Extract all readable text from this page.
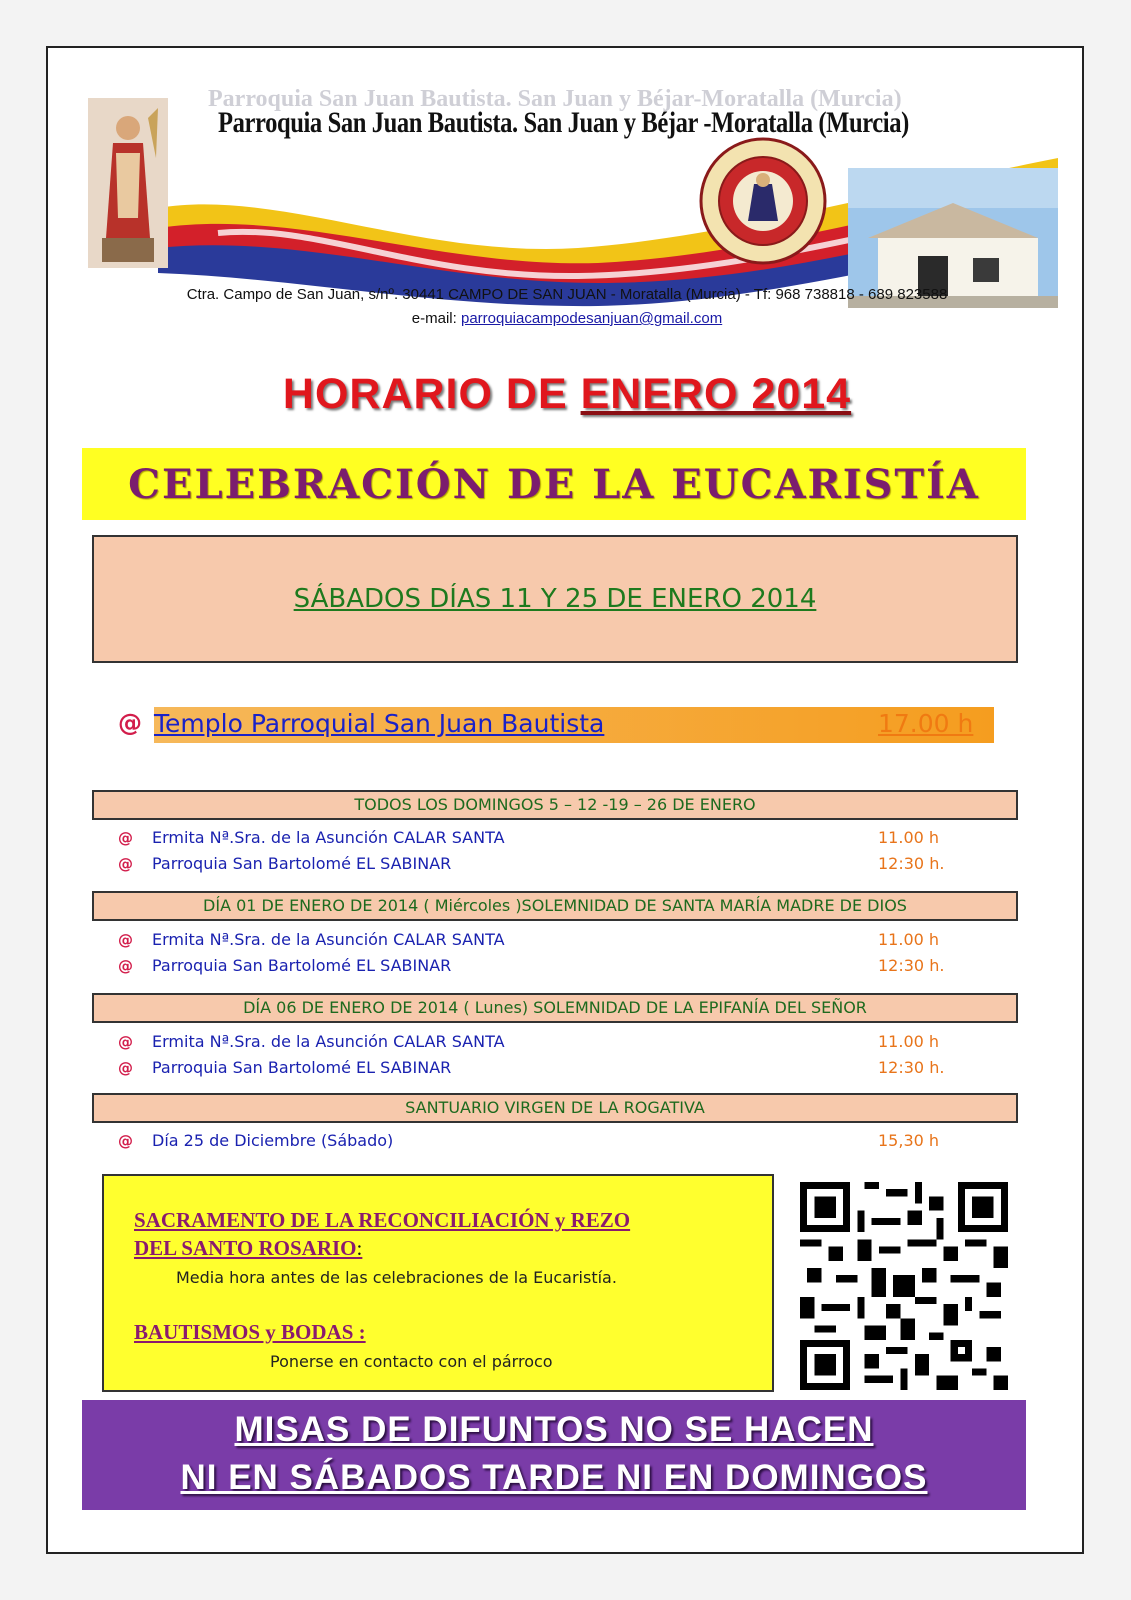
Parroquia San Juan Bautista. San Juan y Béjar-Moratalla (Murcia)
Parroquia San Juan Bautista. San Juan y Béjar -Moratalla (Murcia)
Ctra. Campo de San Juan, s/nº. 30441 CAMPO DE SAN JUAN - Moratalla (Murcia) - Tf: 968 738818 - 689 823588
e-mail: parroquiacampodesanjuan@gmail.com
HORARIO DE ENERO 2014
CELEBRACIÓN DE LA EUCARISTÍA
SÁBADOS DÍAS 11 Y 25 DE ENERO 2014
@ Templo Parroquial San Juan Bautista	17.00 h
TODOS LOS DOMINGOS 5 – 12 -19 – 26 DE ENERO
@ Ermita Nª.Sra. de la Asunción CALAR SANTA	11.00 h
@ Parroquia San Bartolomé EL SABINAR	12:30 h.
DÍA 01 DE ENERO DE 2014 ( Miércoles )SOLEMNIDAD DE SANTA MARÍA MADRE DE DIOS
@ Ermita Nª.Sra. de la Asunción CALAR SANTA	11.00 h
@ Parroquia San Bartolomé EL SABINAR	12:30 h.
DÍA 06 DE ENERO DE 2014 ( Lunes) SOLEMNIDAD DE LA EPIFANÍA DEL SEÑOR
@ Ermita Nª.Sra. de la Asunción CALAR SANTA	11.00 h
@ Parroquia San Bartolomé EL SABINAR	12:30 h.
SANTUARIO VIRGEN DE LA ROGATIVA
@ Día 25 de Diciembre (Sábado)	15,30 h
SACRAMENTO DE LA RECONCILIACIÓN y REZO
DEL SANTO ROSARIO:
Media hora antes de las celebraciones de la Eucaristía.
BAUTISMOS y BODAS :
Ponerse en contacto con el párroco
MISAS DE DIFUNTOS NO SE HACEN
NI EN SÁBADOS TARDE NI EN DOMINGOS
